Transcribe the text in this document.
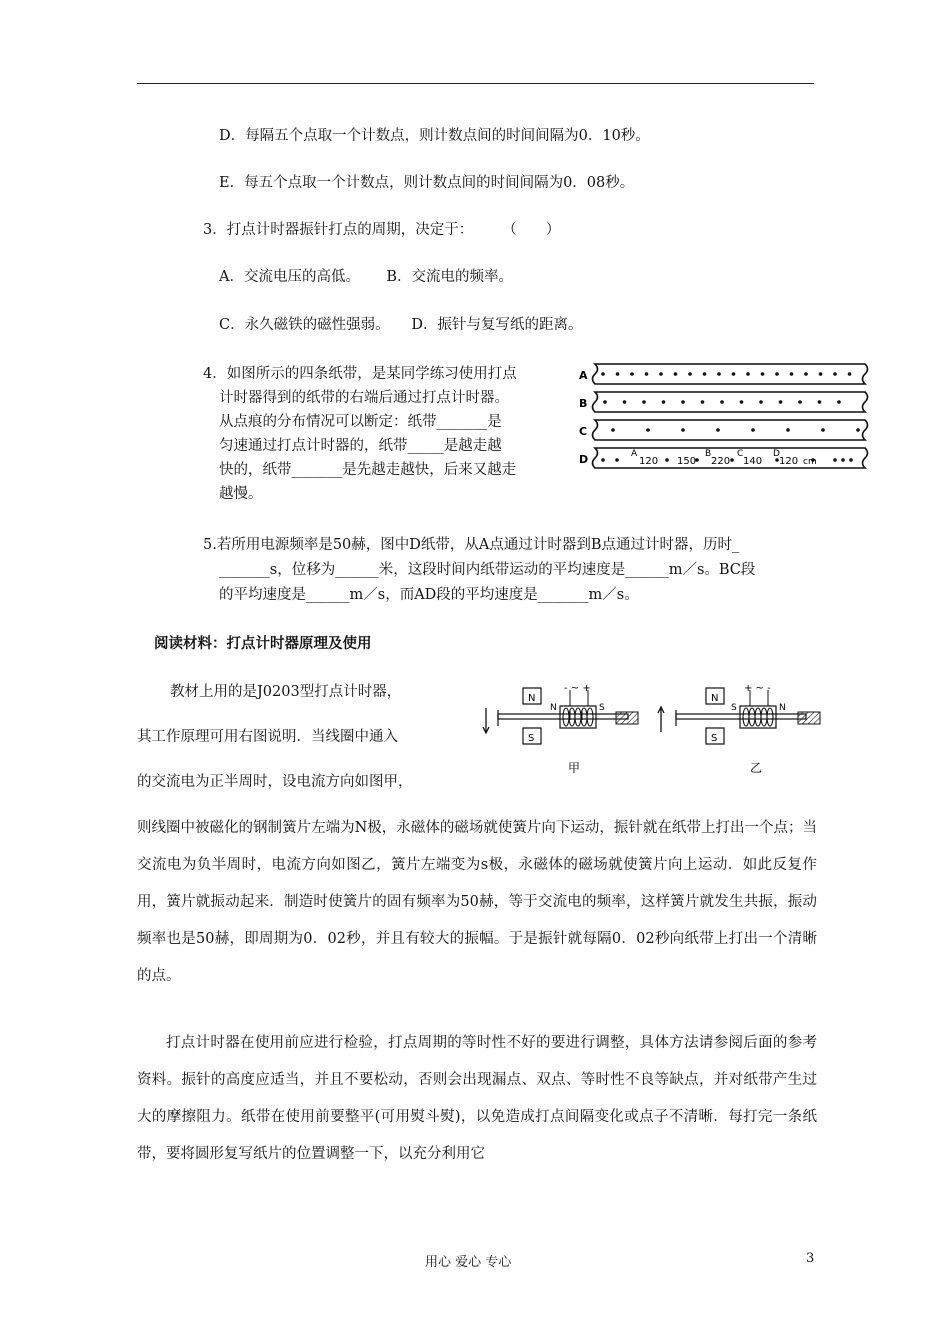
D．每隔五个点取一个计数点，则计数点间的时间间隔为0．10秒。
E．每五个点取一个计数点，则计数点间的时间间隔为0．08秒。
3．打点计时器振针打点的周期，决定于：　　　（　　）
A．交流电压的高低。　　 B．交流电的频率。
C．永久磁铁的磁性强弱。　　D．振针与复写纸的距离。
4．如图所示的四条纸带，是某同学练习使用打点
计时器得到的纸带的右端后通过打点计时器。
从点痕的分布情况可以断定：纸带_______是
匀速通过打点计时器的，纸带_____是越走越
快的，纸带_______是先越走越快，后来又越走
越慢。
A
B
C
D	A
120 150
B
220
C
140
D
120 cm
5.若所用电源频率是50赫，图中D纸带，从A点通过计时器到B点通过计时器，历时_
_______s，位移为______米，这段时间内纸带运动的平均速度是______m／s。BC段
的平均速度是______m／s，而AD段的平均速度是_______m／s。
阅读材料：打点计时器原理及使用
教材上用的是J0203型打点计时器，
其工作原理可用右图说明．当线圈中通入
的交流电为正半周时，设电流方向如图甲，
则线圈中被磁化的钢制簧片左端为N极，永磁体的磁场就使簧片向下运动，振针就在纸带上打出一个点；当交流电为负半周时，电流方向如图乙，簧片左端变为s极，永磁体的磁场就使簧片向上运动．如此反复作用，簧片就振动起来．制造时使簧片的固有频率为50赫，等于交流电的频率，这样簧片就发生共振，振动频率也是50赫，即周期为0．02秒，并且有较大的振幅。于是振针就每隔0．02秒向纸带上打出一个清晰的点。
打点计时器在使用前应进行检验，打点周期的等时性不好的要进行调整，具体方法请参阅后面的参考资料。振针的高度应适当，并且不要松动，否则会出现漏点、双点、等时性不良等缺点，并对纸带产生过大的摩擦阻力。纸带在使用前要整平(可用熨斗熨)，以免造成打点间隔变化或点子不清晰．每打完一条纸带，要将圆形复写纸片的位置调整一下，以充分利用它
N
S
- ~ +
N	S
甲
N
S
+ ~ -
S	N
乙
用心 爱心 专心	3
